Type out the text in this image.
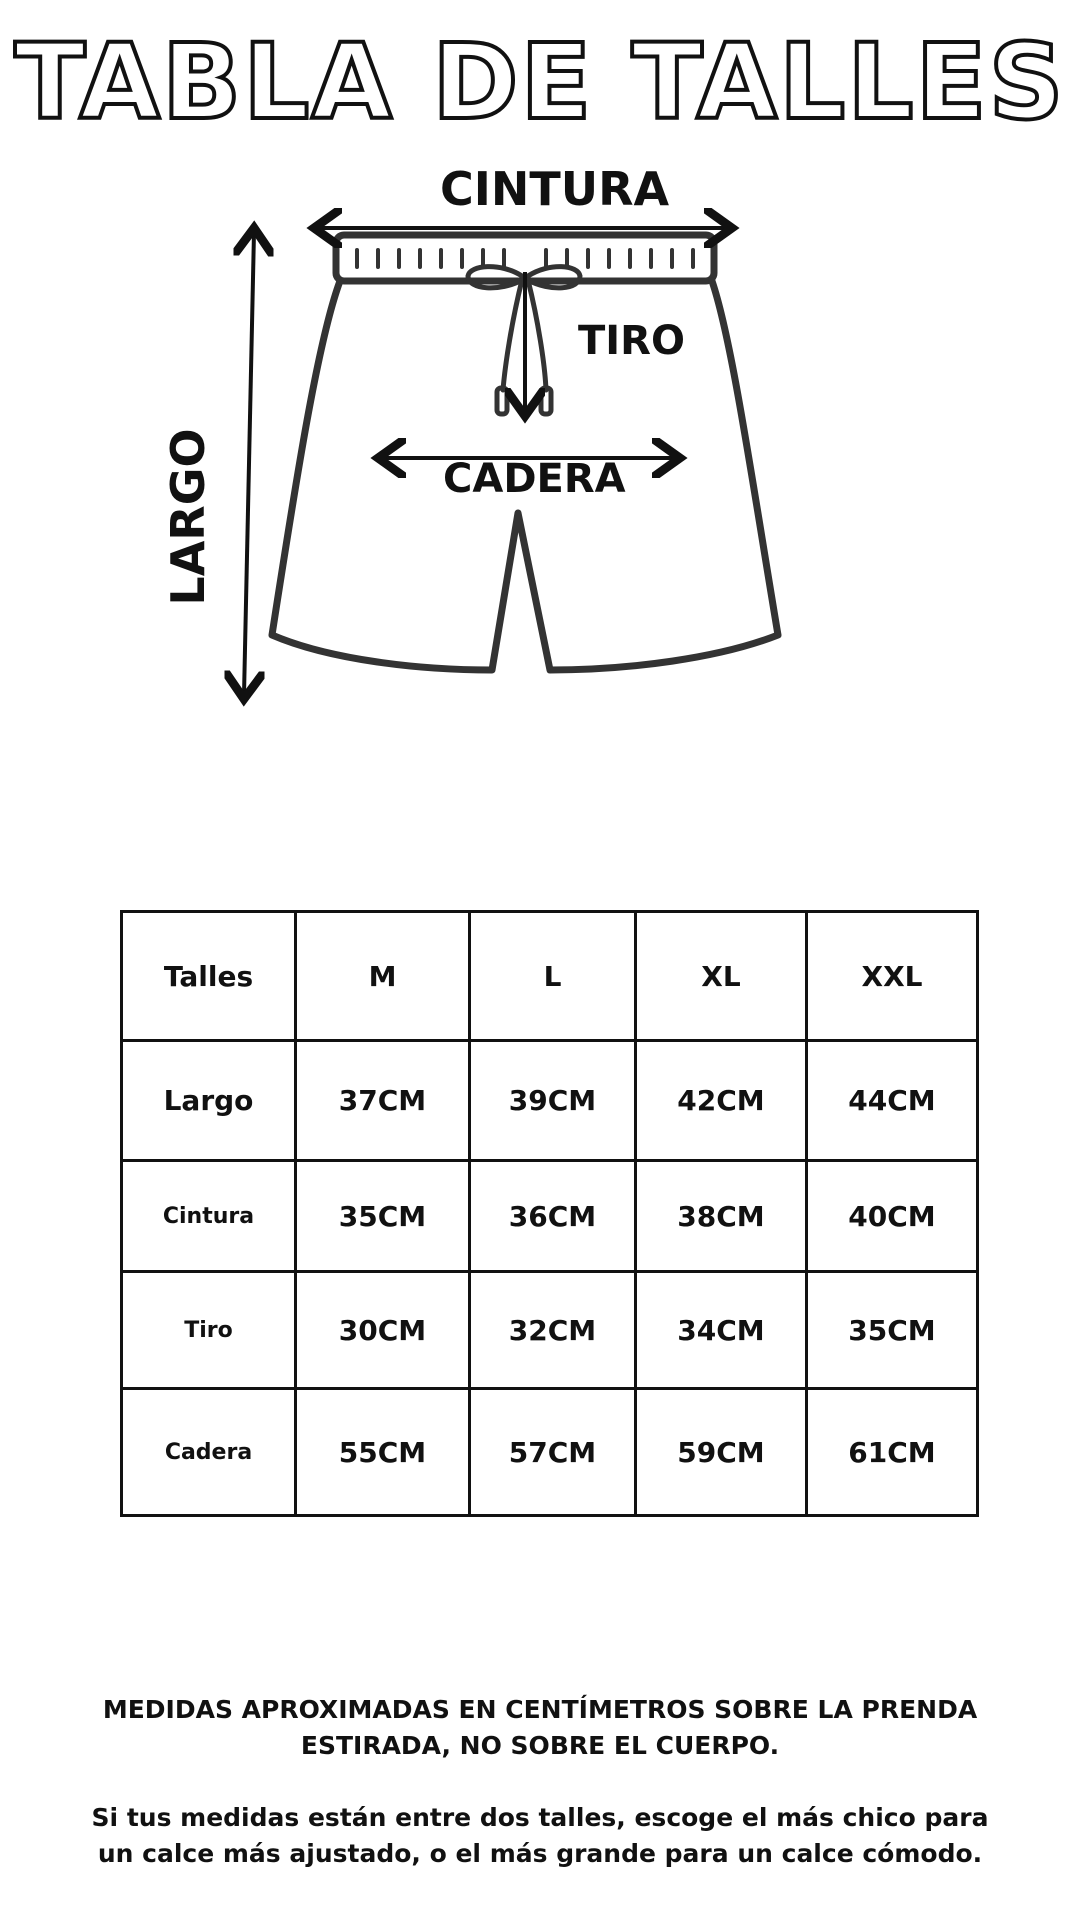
TABLA DE TALLES
CINTURA
TIRO
CADERA
LARGO
Talles	M	L	XL	XXL
Largo	37CM	39CM	42CM	44CM
Cintura	35CM	36CM	38CM	40CM
Tiro	30CM	32CM	34CM	35CM
Cadera	55CM	57CM	59CM	61CM

MEDIDAS APROXIMADAS EN CENTÍMETROS SOBRE LA PRENDA ESTIRADA, NO SOBRE EL CUERPO.

Si tus medidas están entre dos talles, escoge el más chico para un calce más ajustado, o el más grande para un calce cómodo.
